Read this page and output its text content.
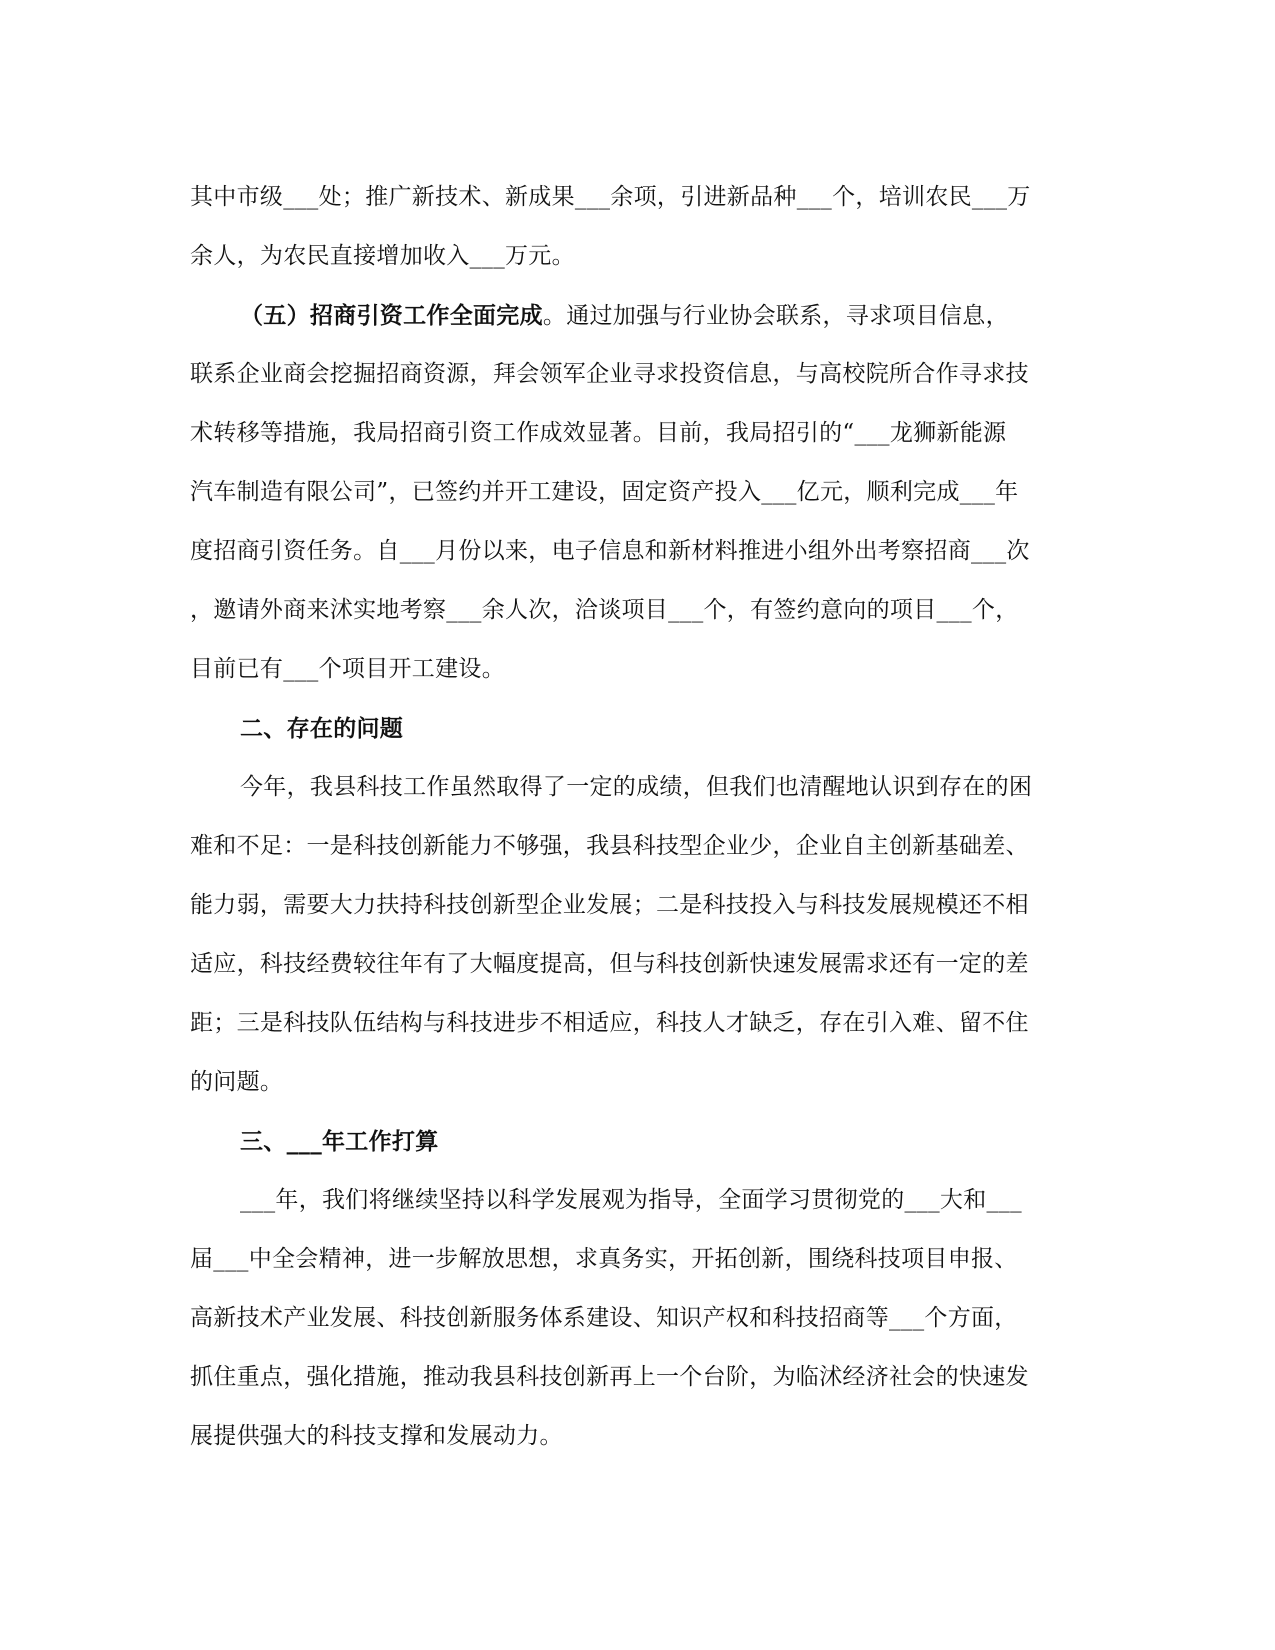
其中市级___处；推广新技术、新成果___余项，引进新品种___个，培训农民___万
余人，为农民直接增加收入___万元。
（五）招商引资工作全面完成。通过加强与行业协会联系，寻求项目信息，
联系企业商会挖掘招商资源，拜会领军企业寻求投资信息，与高校院所合作寻求技
术转移等措施，我局招商引资工作成效显著。目前，我局招引的“___龙狮新能源
汽车制造有限公司”，已签约并开工建设，固定资产投入___亿元，顺利完成___年
度招商引资任务。自___月份以来，电子信息和新材料推进小组外出考察招商___次
，邀请外商来沭实地考察___余人次，洽谈项目___个，有签约意向的项目___个，
目前已有___个项目开工建设。
二、存在的问题
今年，我县科技工作虽然取得了一定的成绩，但我们也清醒地认识到存在的困
难和不足：一是科技创新能力不够强，我县科技型企业少，企业自主创新基础差、
能力弱，需要大力扶持科技创新型企业发展；二是科技投入与科技发展规模还不相
适应，科技经费较往年有了大幅度提高，但与科技创新快速发展需求还有一定的差
距；三是科技队伍结构与科技进步不相适应，科技人才缺乏，存在引入难、留不住
的问题。
三、___年工作打算
___年，我们将继续坚持以科学发展观为指导，全面学习贯彻党的___大和___
届___中全会精神，进一步解放思想，求真务实，开拓创新，围绕科技项目申报、
高新技术产业发展、科技创新服务体系建设、知识产权和科技招商等___个方面，
抓住重点，强化措施，推动我县科技创新再上一个台阶，为临沭经济社会的快速发
展提供强大的科技支撑和发展动力。
